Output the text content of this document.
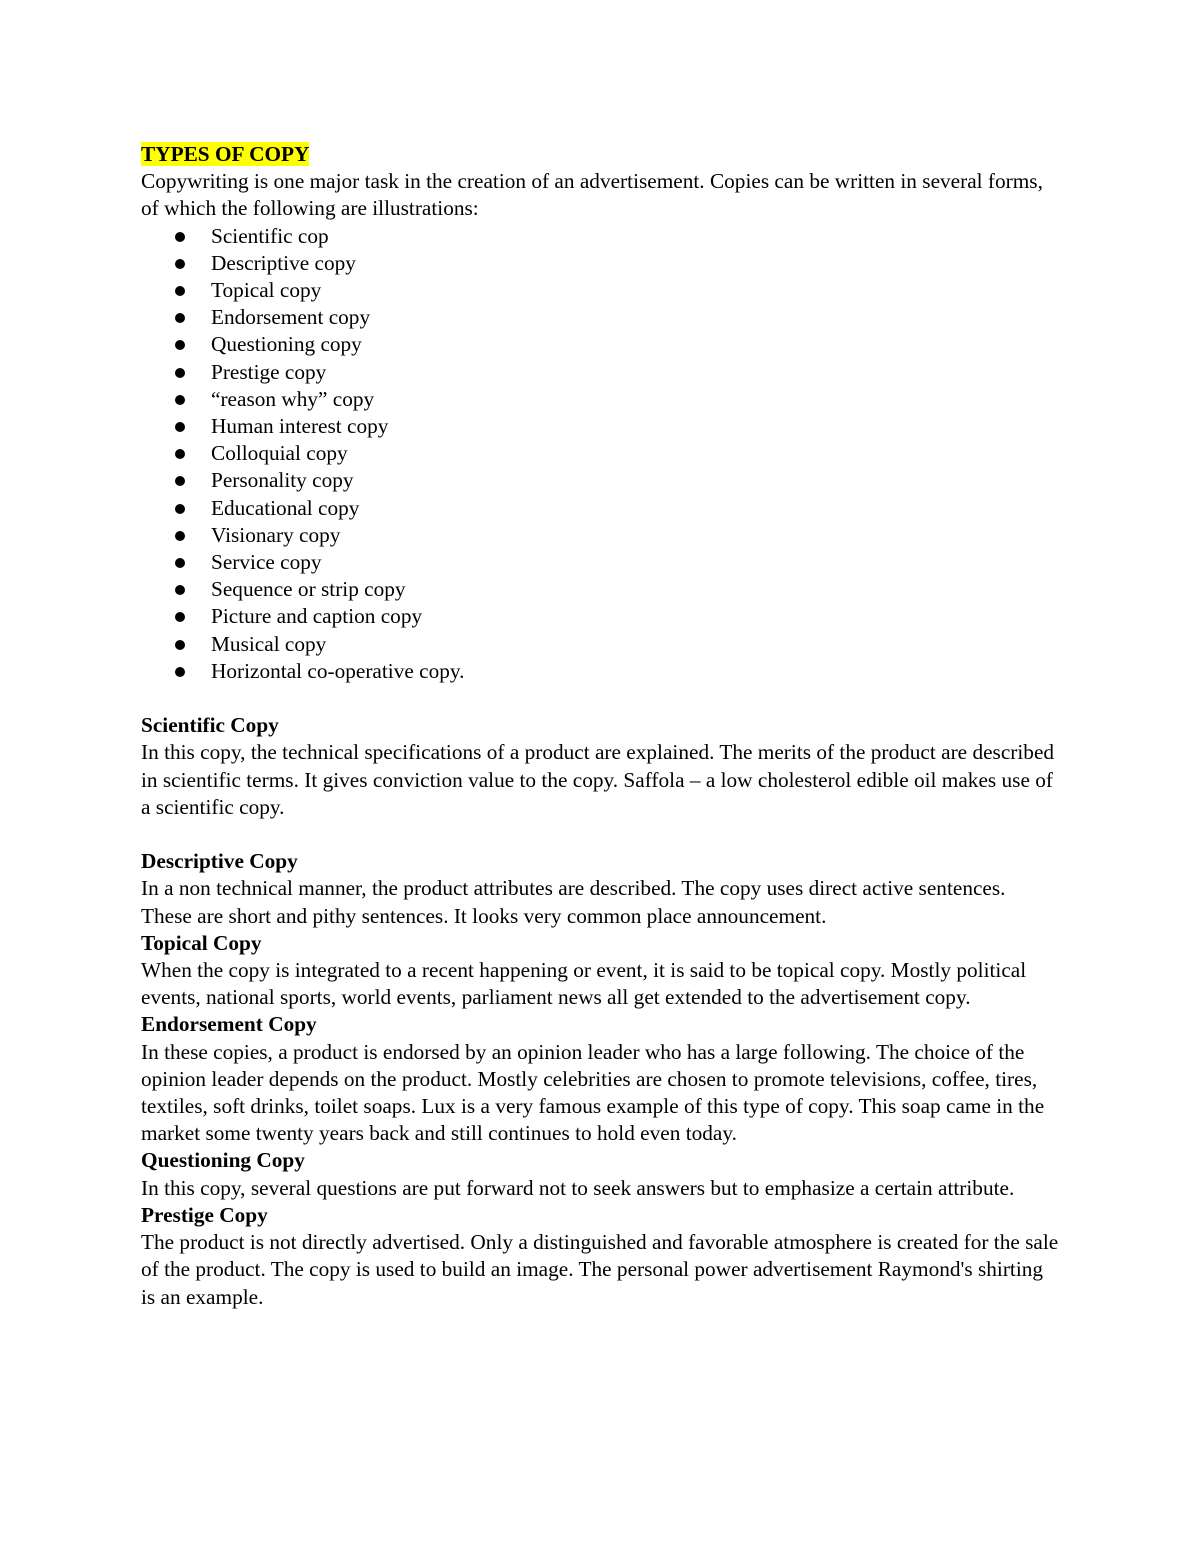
TYPES OF COPY

Copywriting is one major task in the creation of an advertisement. Copies can be written in several forms, of which the following are illustrations:

Scientific cop
Descriptive copy
Topical copy
Endorsement copy
Questioning copy
Prestige copy
“reason why” copy
Human interest copy
Colloquial copy
Personality copy
Educational copy
Visionary copy
Service copy
Sequence or strip copy
Picture and caption copy
Musical copy
Horizontal co-operative copy.

Scientific Copy

In this copy, the technical specifications of a product are explained. The merits of the product are described in scientific terms. It gives conviction value to the copy. Saffola – a low cholesterol edible oil makes use of a scientific copy.

Descriptive Copy

In a non technical manner, the product attributes are described. The copy uses direct active sentences. These are short and pithy sentences. It looks very common place announcement.

Topical Copy

When the copy is integrated to a recent happening or event, it is said to be topical copy. Mostly political events, national sports, world events, parliament news all get extended to the advertisement copy.

Endorsement Copy

In these copies, a product is endorsed by an opinion leader who has a large following. The choice of the opinion leader depends on the product. Mostly celebrities are chosen to promote televisions, coffee, tires, textiles, soft drinks, toilet soaps. Lux is a very famous example of this type of copy. This soap came in the market some twenty years back and still continues to hold even today.

Questioning Copy

In this copy, several questions are put forward not to seek answers but to emphasize a certain attribute.

Prestige Copy

The product is not directly advertised. Only a distinguished and favorable atmosphere is created for the sale of the product. The copy is used to build an image. The personal power advertisement Raymond's shirting is an example.
